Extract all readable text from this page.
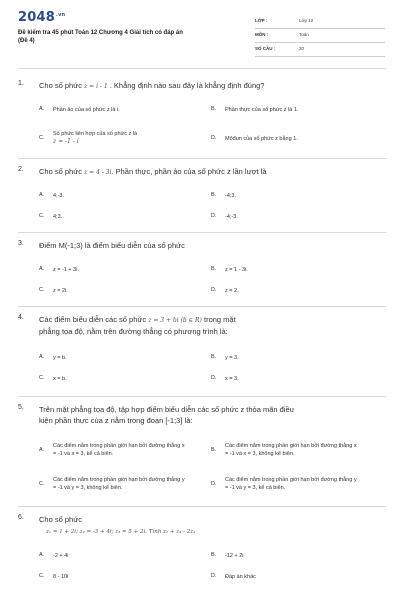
$2048^{.vn}$
Đề kiểm tra 45 phút Toán 12 Chương 4 Giải tích có đáp án
(Đề 4)
LỚP :	Lớp 12
MÔN :	Toán
SỐ CÂU :	20
1. Cho số phức z = i - 1 . Khẳng định nào sau đây là khẳng định đúng?
A. Phần ảo của số phức z là i.	B. Phần thực của số phức z là 1.
C.
Số phức liên hợp của số phức z là
z = -1 - i	D. Môđun của số phức z bằng 1.
2. Cho số phức z = 4 - 3i. Phần thực, phần ảo của số phức z lần lượt là
A. 4;-3.	B. -4;3.
C. 4;3.	D. -4;-3.
3. Điểm M(-1;3) là điểm biểu diễn của số phức
A. z = -1 + 3i.	B. z = 1 - 3i.
C. z = 2i.	D. z = 2.
4. Các điểm biểu diễn các số phức z = 3 + bi (b ∈ R) trong mặt
phẳng tọa độ, nằm trên đường thẳng có phương trình là:
A. y = b.	B. y = 3.
C. x = b.	D. x = 3.
5. Trên mặt phẳng tọa độ, tập hợp điểm biểu diễn các số phức z thỏa mãn điều
kiện phần thực của z nằm trong đoạn [-1;3] là:
A.
Các điểm nằm trong phần giới hạn bởi đường thẳng x = -1 và x = 3, kể cả biên.
B.
Các điểm nằm trong phần giới hạn bởi đường thẳng x = -1 và x = 3, không kể biên.
C.
Các điểm nằm trong phần giới hạn bởi đường thẳng y = -1 và y = 3, không kể biên.
D.
Các điểm nằm trong phần giới hạn bởi đường thẳng y = -1 và y = 3, kể cả biên.
6. Cho số phức
z₁ = 1 + 2i; z₂ = -3 + 4i; z₃ = 5 + 2i. Tính z₁ + z₃ - 2z₂
A. -2 + 4i	B. -12 + 2i
C. 8 - 10i	D. Đáp án khác
